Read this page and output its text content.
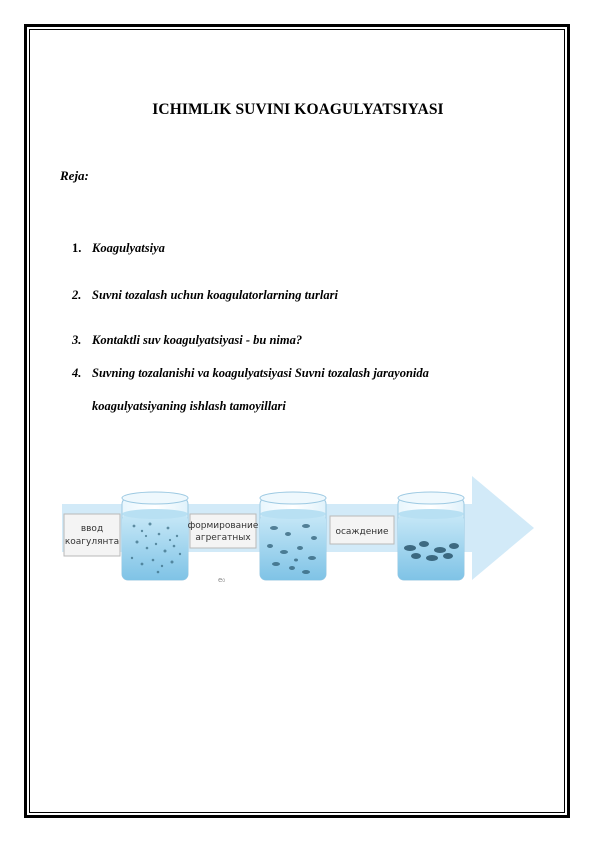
ICHIMLIK SUVINI KOAGULYATSIYASI
Reja:
1. Koagulyatsiya
2. Suvni tozalash uchun koagulatorlarning turlari
3. Kontaktli suv koagulyatsiyasi - bu nima?
4. Suvning tozalanishi va koagulyatsiyasi Suvni tozalash jarayonida
koagulyatsiyaning ishlash tamoyillari
ввод
коагулянта
формирование
агрегатных
осаждение
e₀
